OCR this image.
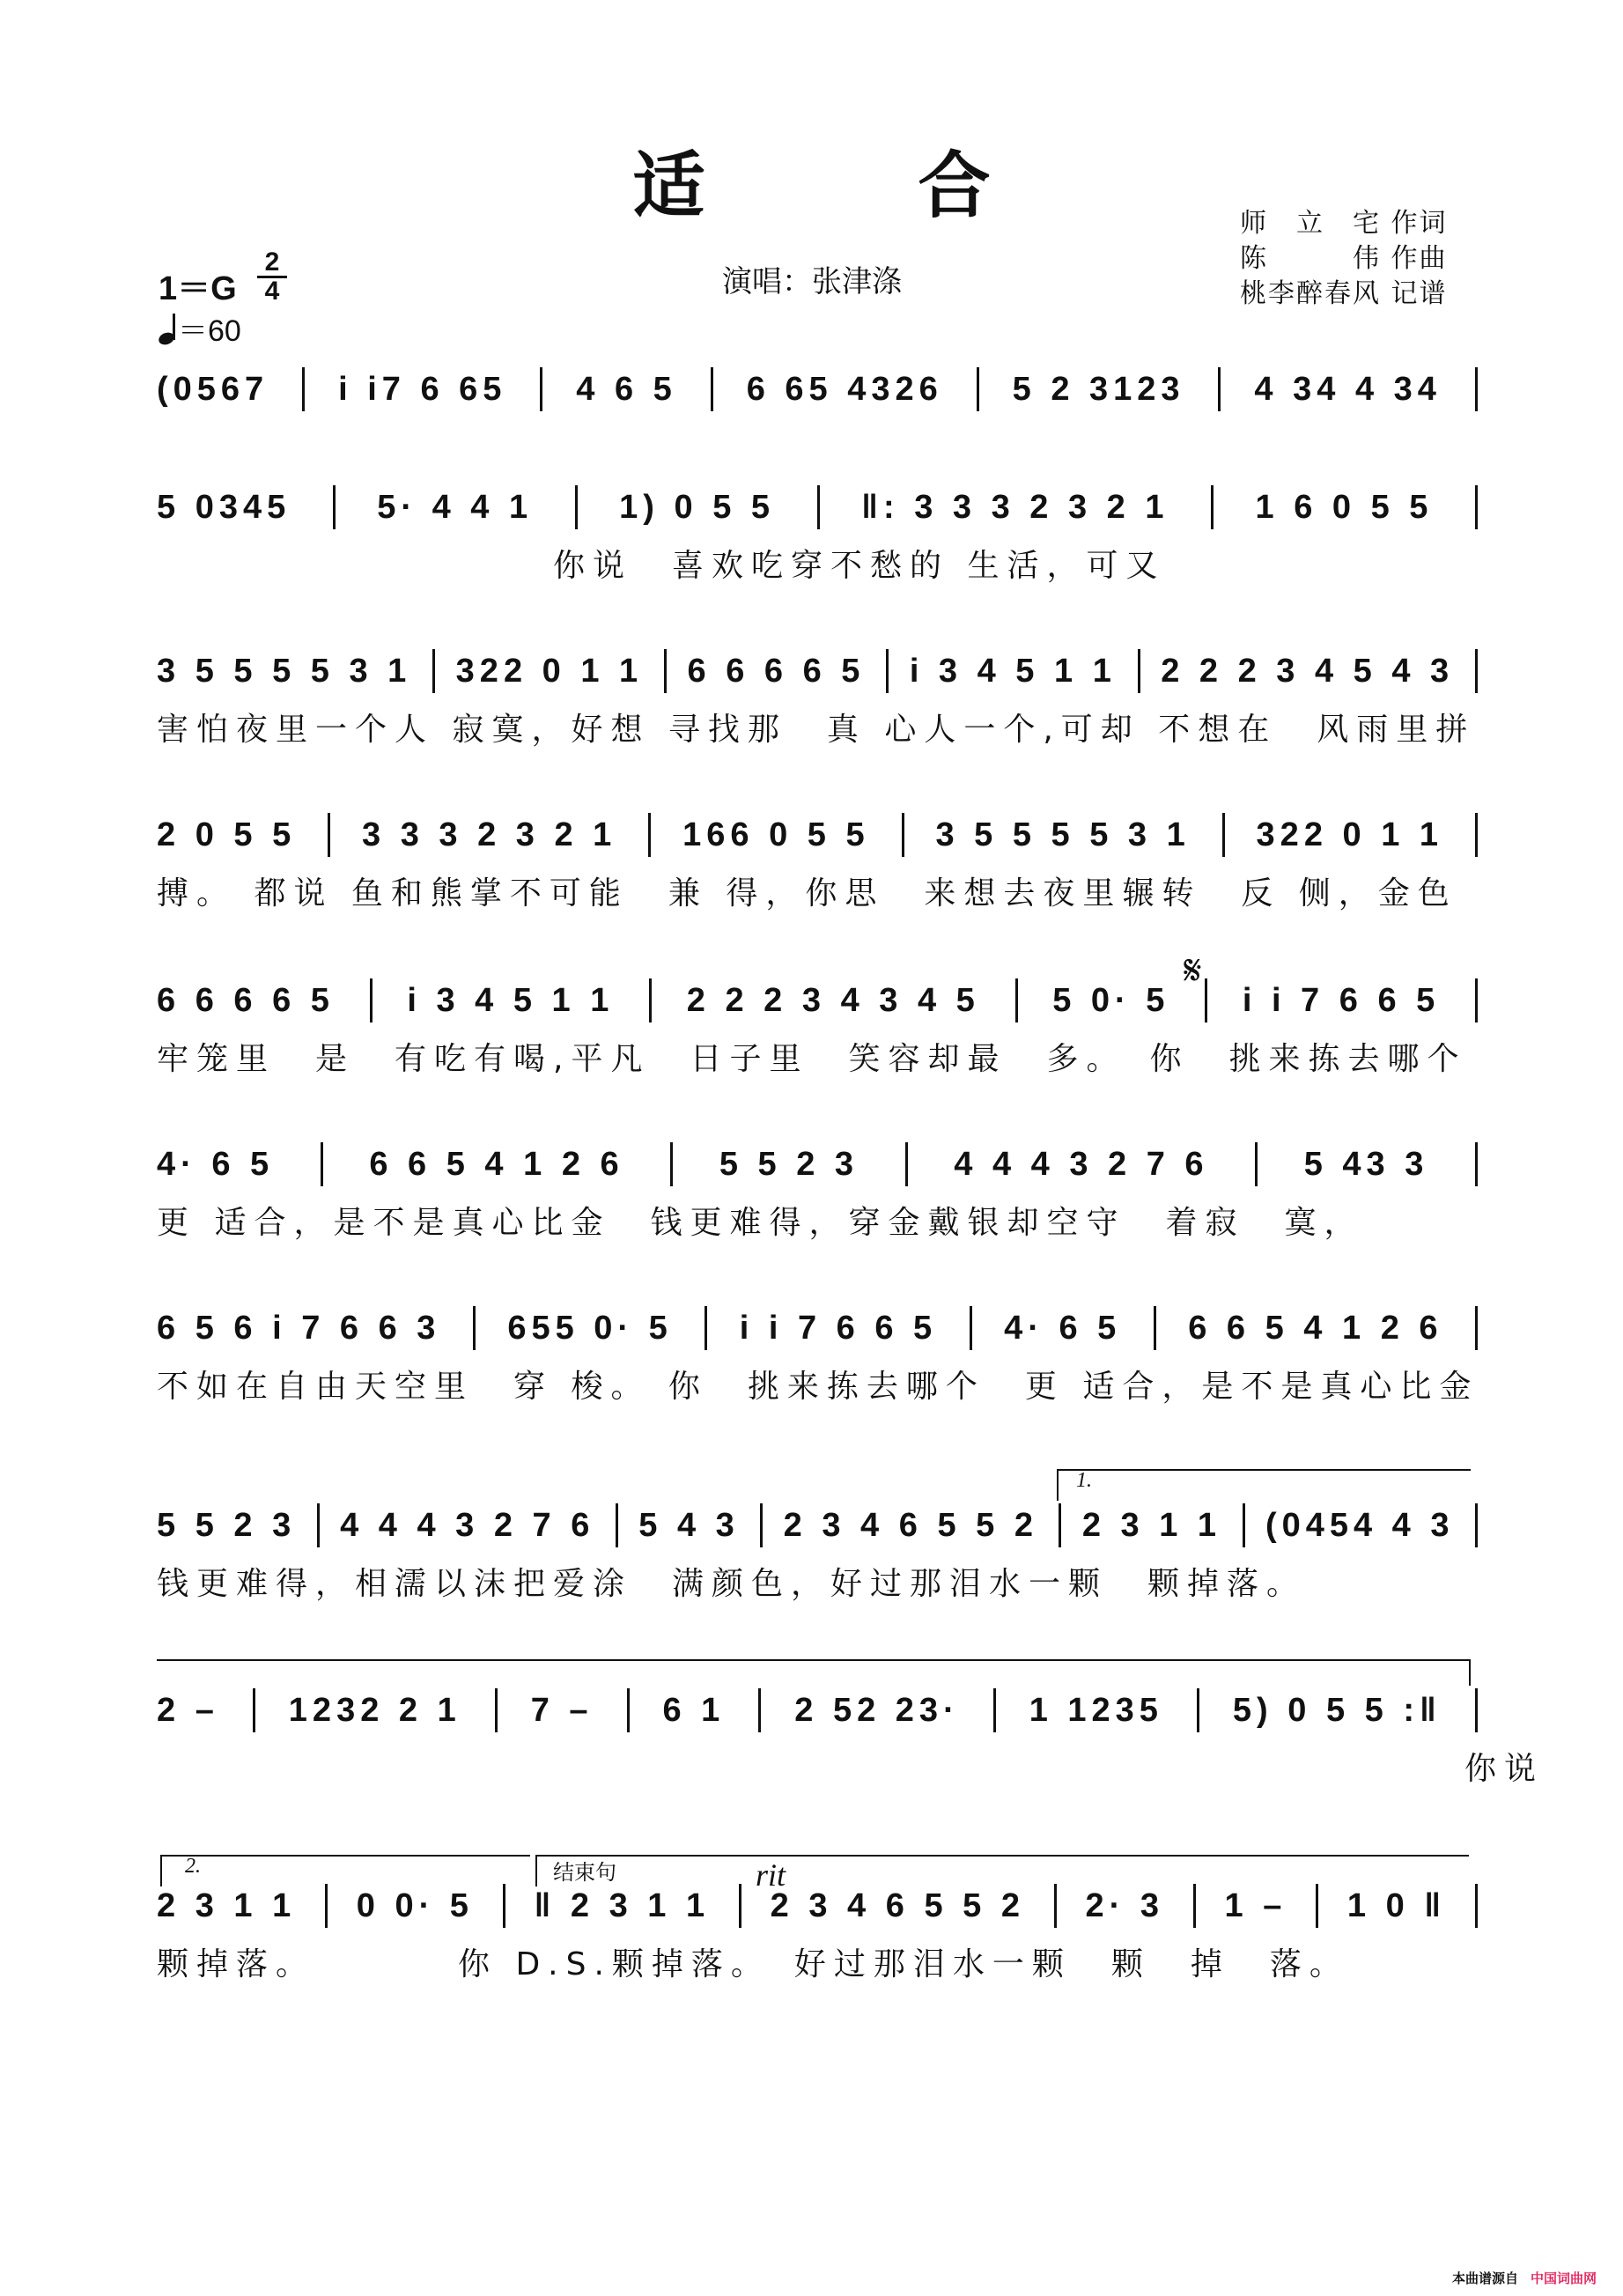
适　合
演唱：张津涤
师　立　宅 作词
陈　　　伟 作曲
桃李醉春风 记谱
1＝G
2
4
＝60
(0567 i i7 6 65 4 6 5 6 65 4326 5 2 3123 4 34 4 34
5 0345	5· 4 4 1	1) 0 5 5	‖: 3 3 3 2 3 2 1	1 6 0 5 5
　　　　　　　　　　你说　喜欢吃穿不愁的 生活，可又
3 5 5 5 5 3 1 322 0 1 1 6 6 6 6 5 i 3 4 5 1 1 2 2 2 3 4 5 4 3
害怕夜里一个人 寂寞，好想 寻找那　真 心人一个,可却 不想在　风雨里拼
2 0 5 5 3 3 3 2 3 2 1 166 0 5 5 3 5 5 5 5 3 1 322 0 1 1
搏。 都说 鱼和熊掌不可能　兼 得，你思　来想去夜里辗转　反 侧，金色
6 6 6 6 5 i 3 4 5 1 1 2 2 2 3 4 3 4 5 5 0· 5 i i 7 6 6 5
牢笼里　是　有吃有喝,平凡　日子里　笑容却最　多。　你　挑来拣去哪个
4· 6 5	6 6 5 4 1 2 6	5 5 2 3	4 4 4 3 2 7 6	5 43 3
更 适合，是不是真心比金　钱更难得，穿金戴银却空守　着寂　寞，
6 5 6 i 7 6 6 3 655 0· 5 i i 7 6 6 5 4· 6 5 6 6 5 4 1 2 6
不如在自由天空里　穿 梭。 你　挑来拣去哪个　更 适合，是不是真心比金
5 5 2 3 4 4 4 3 2 7 6 5 4 3 2 3 4 6 5 5 2 2 3 1 1 (0454 4 3
钱更难得，相濡以沫把爱涂　满颜色，好过那泪水一颗　颗掉落。
2 – 1232 2 1 7 – 6 1 2 52 23· 1 1235 5) 0 5 5 :‖
　　　　　　　　　　　　　　　　　　　　　　　　　　　　　　　　　你说
2 3 1 1 0 0· 5 ‖ 2 3 1 1 2 3 4 6 5 5 2 2· 3 1 – 1 0 ‖
颗掉落。　　　　你 D.S.颗掉落。　好过那泪水一颗　颗　掉　落。
1.
2.	结束句	rit
𝄋
本曲谱源自 中国词曲网
